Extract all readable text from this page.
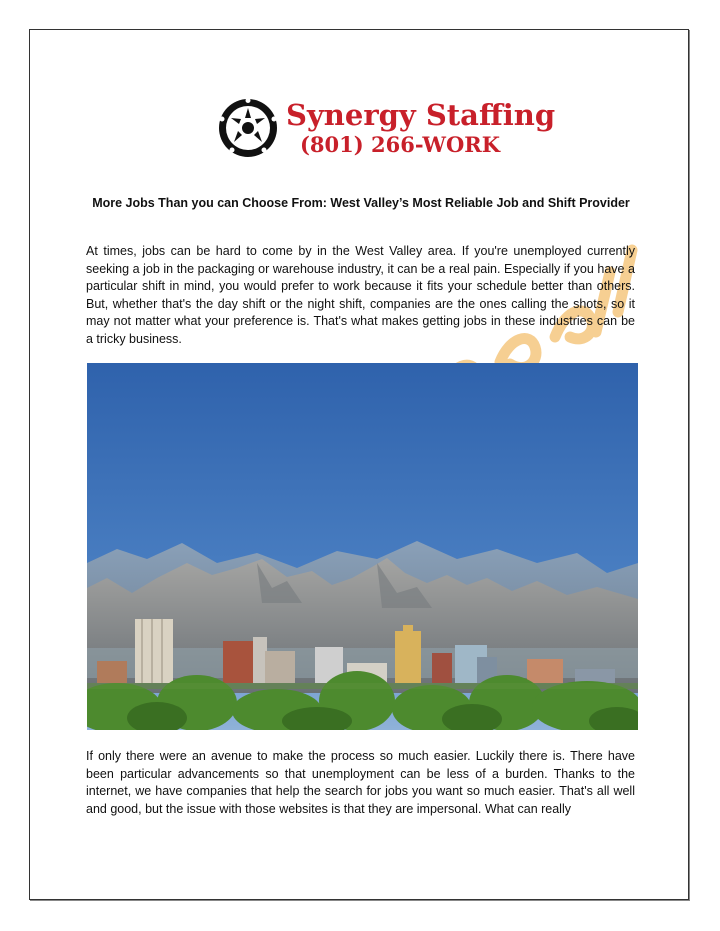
Synergy Staffing
(801) 266-WORK

More Jobs Than you can Choose From: West Valley’s Most Reliable Job and Shift Provider

At times, jobs can be hard to come by in the West Valley area. If you're unemployed currently seeking a job in the packaging or warehouse industry, it can be a real pain. Especially if you have a particular shift in mind, you would prefer to work because it fits your schedule better than others. But, whether that's the day shift or the night shift, companies are the ones calling the shots, so it may not matter what your preference is. That's what makes getting jobs in these industries can be a tricky business.

If only there were an avenue to make the process so much easier. Luckily there is. There have been particular advancements so that unemployment can be less of a burden. Thanks to the internet, we have companies that help the search for jobs you want so much easier. That's all well and good, but the issue with those websites is that they are impersonal. What can really
